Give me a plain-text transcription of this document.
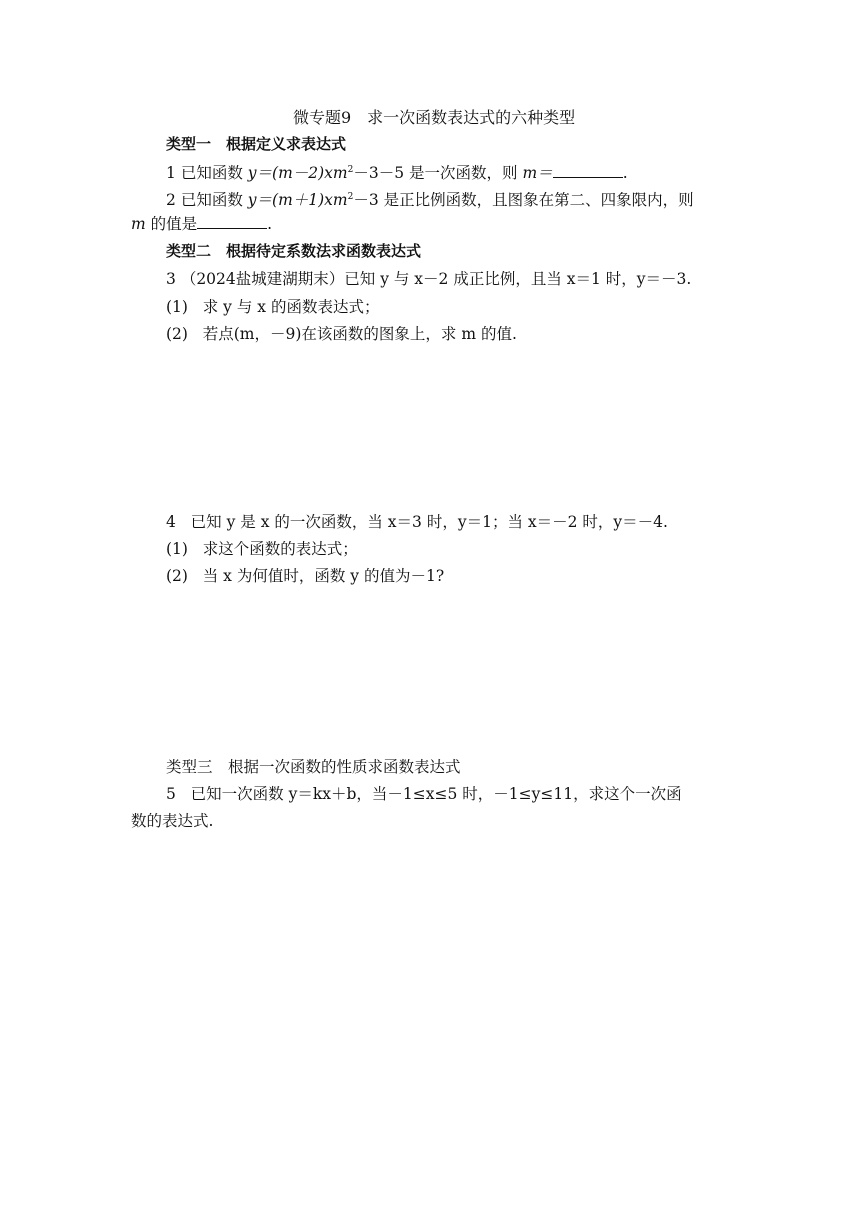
微专题9　求一次函数表达式的六种类型
类型一　根据定义求表达式
1 已知函数 $y=(m-2)xm^2-3-5$ 是一次函数，则 m＝	.
2 已知函数 $y=(m+1)xm^2-3$ 是正比例函数，且图象在第二、四象限内，则
m 的值是	.
类型二　根据待定系数法求函数表达式
3 （2024盐城建湖期末）已知 y 与 x－2 成正比例，且当 x＝1 时，y＝－3.
(1) 求 y 与 x 的函数表达式；
(2) 若点(m，－9)在该函数的图象上，求 m 的值.
4 已知 y 是 x 的一次函数，当 x＝3 时，y＝1；当 x＝－2 时，y＝－4.
(1) 求这个函数的表达式；
(2) 当 x 为何值时，函数 y 的值为－1?
类型三　根据一次函数的性质求函数表达式
5 已知一次函数 y＝kx＋b，当－1≤x≤5 时，－1≤y≤11，求这个一次函
数的表达式.
